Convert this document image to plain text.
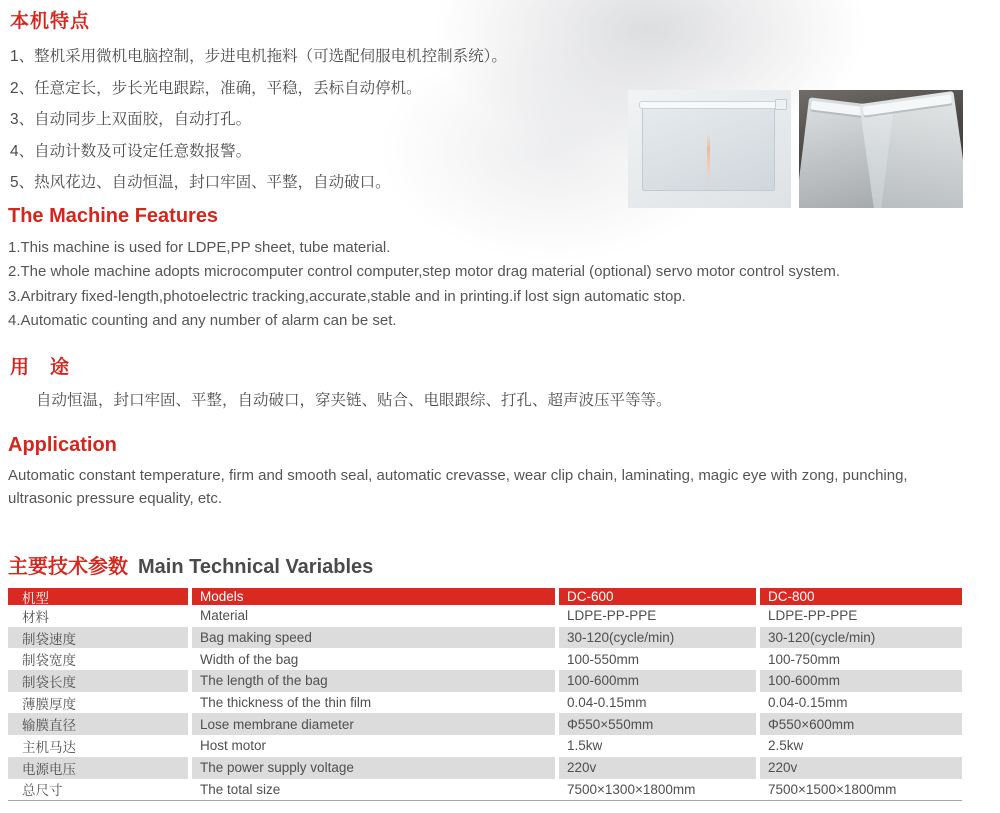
本机特点
1、整机采用微机电脑控制，步进电机拖料（可选配伺服电机控制系统）。
2、任意定长，步长光电跟踪，准确，平稳，丢标自动停机。
3、自动同步上双面胶，自动打孔。
4、自动计数及可设定任意数报警。
5、热风花边、自动恒温，封口牢固、平整，自动破口。
The Machine Features
1.This machine is used for LDPE,PP sheet, tube material.
2.The whole machine adopts microcomputer control computer,step motor drag material (optional) servo motor control system.
3.Arbitrary fixed-length,photoelectric tracking,accurate,stable and in printing.if lost sign automatic stop.
4.Automatic counting and any number of alarm can be set.
用　途
自动恒温，封口牢固、平整，自动破口，穿夹链、贴合、电眼跟综、打孔、超声波压平等等。
Application
Automatic constant temperature, firm and smooth seal, automatic crevasse, wear clip chain, laminating, magic eye with zong, punching, ultrasonic pressure equality, etc.
主要技术参数 Main Technical Variables
机型	Models	DC-600	DC-800
材料	Material	LDPE-PP-PPE	LDPE-PP-PPE
制袋速度	Bag making speed	30-120(cycle/min)	30-120(cycle/min)
制袋宽度	Width of the bag	100-550mm	100-750mm
制袋长度	The length of the bag	100-600mm	100-600mm
薄膜厚度	The thickness of the thin film	0.04-0.15mm	0.04-0.15mm
输膜直径	Lose membrane diameter	Φ550×550mm	Φ550×600mm
主机马达	Host motor	1.5kw	2.5kw
电源电压	The power supply voltage	220v	220v
总尺寸	The total size	7500×1300×1800mm	7500×1500×1800mm
